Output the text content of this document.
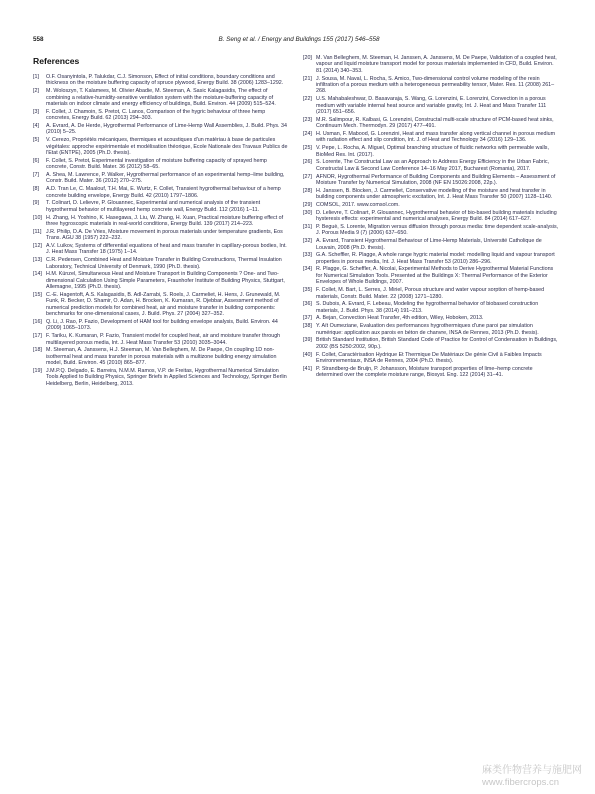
558	B. Seng et al. / Energy and Buildings 155 (2017) 546–558
References
[1]	O.F. Osanyintola, P. Talukdar, C.J. Simonson, Effect of initial conditions, boundary conditions and thickness on the moisture buffering capacity of spruce plywood, Energy Build. 38 (2006) 1283–1292.
[2]	M. Woloszyn, T. Kalamees, M. Olivier Abadie, M. Steeman, A. Sasic Kalagasidis, The effect of combining a relative-humidity-sensitive ventilation system with the moisture-buffering capacity of materials on indoor climate and energy efficiency of buildings, Build. Environ. 44 (2009) 515–524.
[3]	F. Collet, J. Chamoin, S. Pretot, C. Lanos, Comparison of the hygric behaviour of three hemp concretes, Energy Build. 62 (2013) 294–303.
[4]	A. Evrard, A. De Herde, Hygrothermal Performance of Lime-Hemp Wall Assemblies, J. Build. Phys. 34 (2010) 5–25.
[5]	V. Cerezo, Propriétés mécaniques, thermiques et acoustiques d'un matériau à base de particules végétales: approche expérimentale et modélisation théorique, Ecole Nationale des Travaux Publics de l'Etat (ENTPE), 2005 (Ph.D. thesis).
[6]	F. Collet, S. Pretot, Experimental investigation of moisture buffering capacity of sprayed hemp concrete, Constr. Build. Mater. 36 (2012) 58–65.
[7]	A. Shea, M. Lawrence, P. Walker, Hygrothermal performance of an experimental hemp–lime building, Constr. Build. Mater. 36 (2012) 270–275.
[8]	A.D. Tran Le, C. Maalouf, T.H. Mai, E. Wurtz, F. Collet, Transient hygrothermal behaviour of a hemp concrete building envelope, Energy Build. 42 (2010) 1797–1806.
[9]	T. Colinart, D. Lelievre, P. Glouannec, Experimental and numerical analysis of the transient hygrothermal behavior of multilayered hemp concrete wall, Energy Build. 112 (2016) 1–11.
[10] H. Zhang, H. Yoshino, K. Hasegawa, J. Liu, W. Zhang, H. Xuan, Practical moisture buffering effect of three hygroscopic materials in real-world conditions, Energy Build. 139 (2017) 214–223.
[11] J.R. Philip, D.A. De Vries, Moisture movement in porous materials under temperature gradients, Eos Trans. AGU 38 (1957) 222–232.
[12] A.V. Luikov, Systems of differential equations of heat and mass transfer in capillary-porous bodies, Int. J. Heat Mass Transfer 18 (1975) 1–14.
[13] C.R. Pedersen, Combined Heat and Moisture Transfer in Building Constructions, Thermal Insulation Laboratory, Technical University of Denmark, 1990 (Ph.D. thesis).
[14] H.M. Künzel, Simultaneous Heat and Moisture Transport in Building Components ? One- and Two-dimensional Calculation Using Simple Parameters, Fraunhofer Institute of Building Physics, Stuttgart, Allemagne, 1995 (Ph.D. thesis).
[15] C.-E. Hagentoft, A.S. Kalagasidis, B. Adl-Zarrabi, S. Roels, J. Carmeliet, H. Hens, J. Grunewald, M. Funk, R. Becker, D. Shamir, O. Adan, H. Brocken, K. Kumaran, R. Djebbar, Assessment method of numerical prediction models for combined heat, air and moisture transfer in building components: benchmarks for one-dimensional cases, J. Build. Phys. 27 (2004) 327–352.
[16] Q. Li, J. Rao, P. Fazio, Development of HAM tool for building envelope analysis, Build. Environ. 44 (2009) 1065–1073.
[17] F. Tariku, K. Kumaran, P. Fazio, Transient model for coupled heat, air and moisture transfer through multilayered porous media, Int. J. Heat Mass Transfer 53 (2010) 3035–3044.
[18] M. Steeman, A. Janssens, H.J. Steeman, M. Van Belleghem, M. De Paepe, On coupling 1D non-isothermal heat and mass transfer in porous materials with a multizone building energy simulation model, Build. Environ. 45 (2010) 865–877.
[19] J.M.P.Q. Delgado, E. Barreira, N.M.M. Ramos, V.P. de Freitas, Hygrothermal Numerical Simulation Tools Applied to Building Physics, Springer Briefs in Applied Sciences and Technology, Springer Berlin Heidelberg, Berlin, Heidelberg, 2013.
[20] M. Van Belleghem, M. Steeman, H. Janssen, A. Janssens, M. De Paepe, Validation of a coupled heat, vapour and liquid moisture transport model for porous materials implemented in CFD, Build. Environ. 81 (2014) 340–353.
[21] J. Sousa, M. Naval, L. Rocha, S. Amico, Two-dimensional control volume modeling of the resin infiltration of a porous medium with a heterogeneous permeability tensor, Mater. Res. 11 (2008) 261–268.
[22] U.S. Mahabaleshwar, D. Basavaraja, S. Wang, G. Lorenzini, E. Lorenzini, Convection in a porous medium with variable internal heat source and variable gravity, Int. J. Heat and Mass Transfer 111 (2017) 651–656.
[23] M.R. Salimpour, R. Kalbasi, G. Lorenzini, Constructal multi-scale structure of PCM-based heat sinks, Continuum Mech. Thermodyn. 29 (2017) 477–491.
[24] H. Usman, F. Mabood, G. Lorenzini, Heat and mass transfer along vertical channel in porous medium with radiation effect and slip condition, Int. J. of Heat and Technology 34 (2016) 129–136.
[25] V. Pepe, L. Rocha, A. Miguel, Optimal branching structure of fluidic networks with permeable walls, BioMed Res. Int. (2017).
[26] S. Lorente, The Constructal Law as an Approach to Address Energy Efficiency in the Urban Fabric, Constructal Law & Second Law Conference 14–16 May 2017, Bucharest (Romania), 2017.
[27] AFNOR, Hygrothermal Performance of Building Components and Building Elements – Assessment of Moisture Transfer by Numerical Simulation, 2008 (NF EN 15026:2008, 22p.).
[28] H. Janssen, B. Blocken, J. Carmeliet, Conservative modelling of the moisture and heat transfer in building components under atmospheric excitation, Int. J. Heat Mass Transfer 50 (2007) 1128–1140.
[29] COMSOL, 2017. www.comsol.com.
[30] D. Lelievre, T. Colinart, P. Glouannec, Hygrothermal behavior of bio-based building materials including hysteresis effects: experimental and numerical analyses, Energy Build. 84 (2014) 617–627.
[31] P. Beguè, S. Lorente, Migration versus diffusion through porous media: time dependent scale-analysis, J. Porous Media 9 (7) (2006) 637–650.
[32] A. Evrard, Transient Hygrothermal Behaviour of Lime-Hemp Materials, Université Catholique de Louvain, 2008 (Ph.D. thesis).
[33] G.A. Scheffler, R. Plagge, A whole range hygric material model: modelling liquid and vapour transport properties in porous media, Int. J. Heat Mass Transfer 53 (2010) 286–296.
[34] R. Plagge, G. Scheffler, A. Nicolai, Experimental Methods to Derive Hygrothermal Material Functions for Numerical Simulation Tools. Presented at the Buildings X: Thermal Performance of the Exterior Envelopes of Whole Buildings, 2007.
[35] F. Collet, M. Bart, L. Serres, J. Miriel, Porous structure and water vapour sorption of hemp-based materials, Constr. Build. Mater. 22 (2008) 1271–1280.
[36] S. Dubois, A. Evrard, F. Lebeau, Modeling the hygrothermal behavior of biobased construction materials, J. Build. Phys. 38 (2014) 191–213.
[37] A. Bejan, Convection Heat Transfer, 4th edition, Wiley, Hoboken, 2013.
[38] Y. Aït Oumeziane, Evaluation des performances hygrothermiques d'une paroi par simulation numérique: application aux parois en béton de chanvre, INSA de Rennes, 2013 (Ph.D. thesis).
[39] British Standard Institution, British Standard Code of Practice for Control of Condensation in Buildings, 2002 (BS 5250:2002, 90p.).
[40] F. Collet, Caractérisation Hydrique Et Thermique De Matériaux De génie Civil à Faibles Impacts Environnementaux, INSA de Rennes, 2004 (Ph.D. thesis).
[41] P. Strandberg-de Bruijn, P. Johansson, Moisture transport properties of lime–hemp concrete determined over the complete moisture range, Biosyst. Eng. 122 (2014) 31–41.
麻类作物营养与施肥网
www.fibercrops.cn
